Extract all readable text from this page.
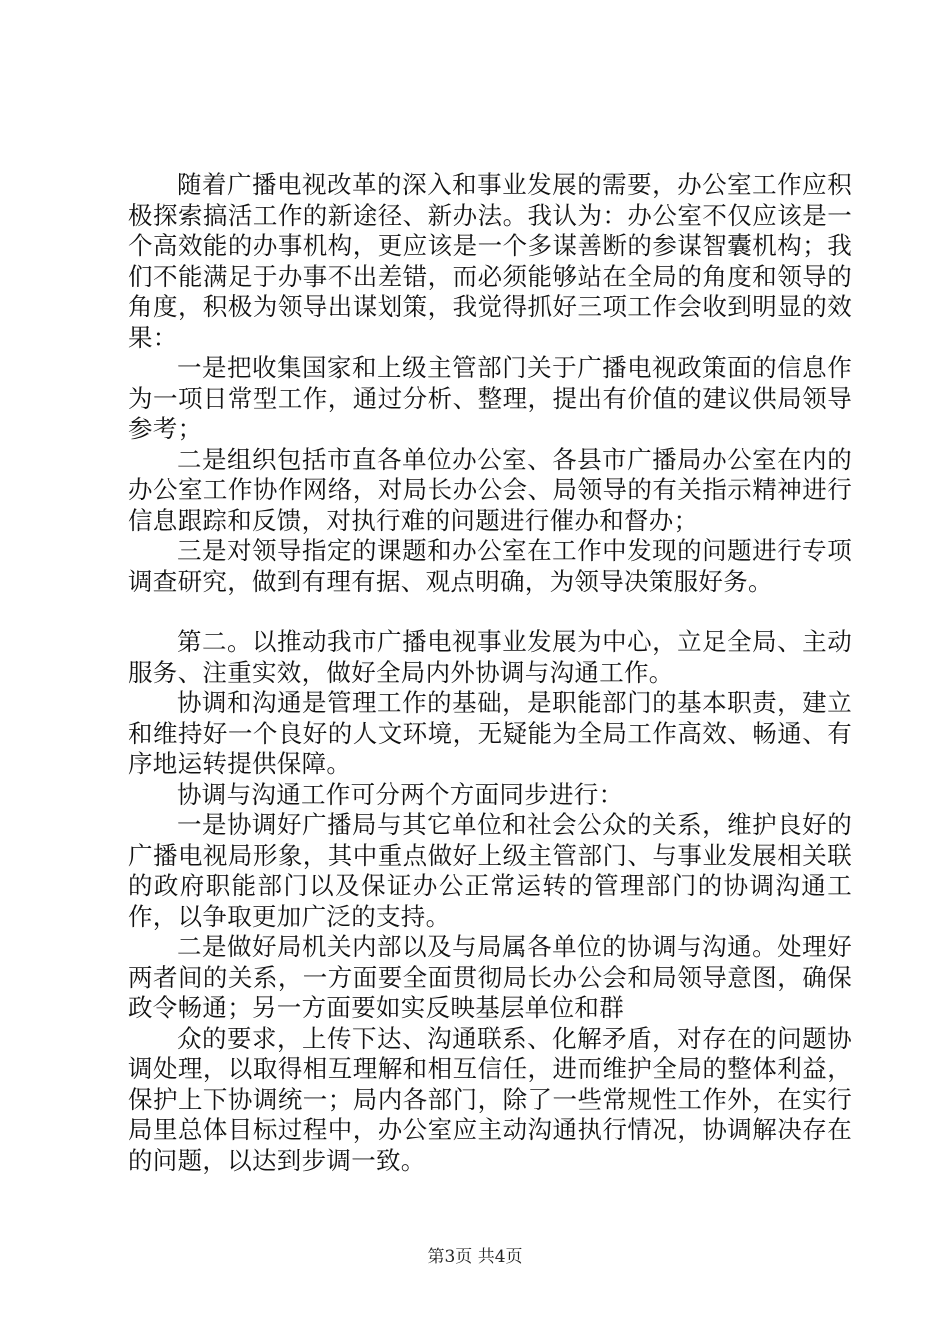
随着广播电视改革的深入和事业发展的需要，办公室工作应积极探索搞活工作的新途径、新办法。我认为：办公室不仅应该是一个高效能的办事机构，更应该是一个多谋善断的参谋智囊机构；我们不能满足于办事不出差错，而必须能够站在全局的角度和领导的角度，积极为领导出谋划策，我觉得抓好三项工作会收到明显的效果：

一是把收集国家和上级主管部门关于广播电视政策面的信息作为一项日常型工作，通过分析、整理，提出有价值的建议供局领导参考；

二是组织包括市直各单位办公室、各县市广播局办公室在内的办公室工作协作网络，对局长办公会、局领导的有关指示精神进行信息跟踪和反馈，对执行难的问题进行催办和督办；

三是对领导指定的课题和办公室在工作中发现的问题进行专项调查研究，做到有理有据、观点明确，为领导决策服好务。

第二。以推动我市广播电视事业发展为中心，立足全局、主动服务、注重实效，做好全局内外协调与沟通工作。

协调和沟通是管理工作的基础，是职能部门的基本职责，建立和维持好一个良好的人文环境，无疑能为全局工作高效、畅通、有序地运转提供保障。

协调与沟通工作可分两个方面同步进行：

一是协调好广播局与其它单位和社会公众的关系，维护良好的广播电视局形象，其中重点做好上级主管部门、与事业发展相关联的政府职能部门以及保证办公正常运转的管理部门的协调沟通工作，以争取更加广泛的支持。

二是做好局机关内部以及与局属各单位的协调与沟通。处理好两者间的关系，一方面要全面贯彻局长办公会和局领导意图，确保政令畅通；另一方面要如实反映基层单位和群

众的要求，上传下达、沟通联系、化解矛盾，对存在的问题协调处理，以取得相互理解和相互信任，进而维护全局的整体利益，保护上下协调统一；局内各部门，除了一些常规性工作外，在实行局里总体目标过程中，办公室应主动沟通执行情况，协调解决存在的问题，以达到步调一致。

第3页 共4页
